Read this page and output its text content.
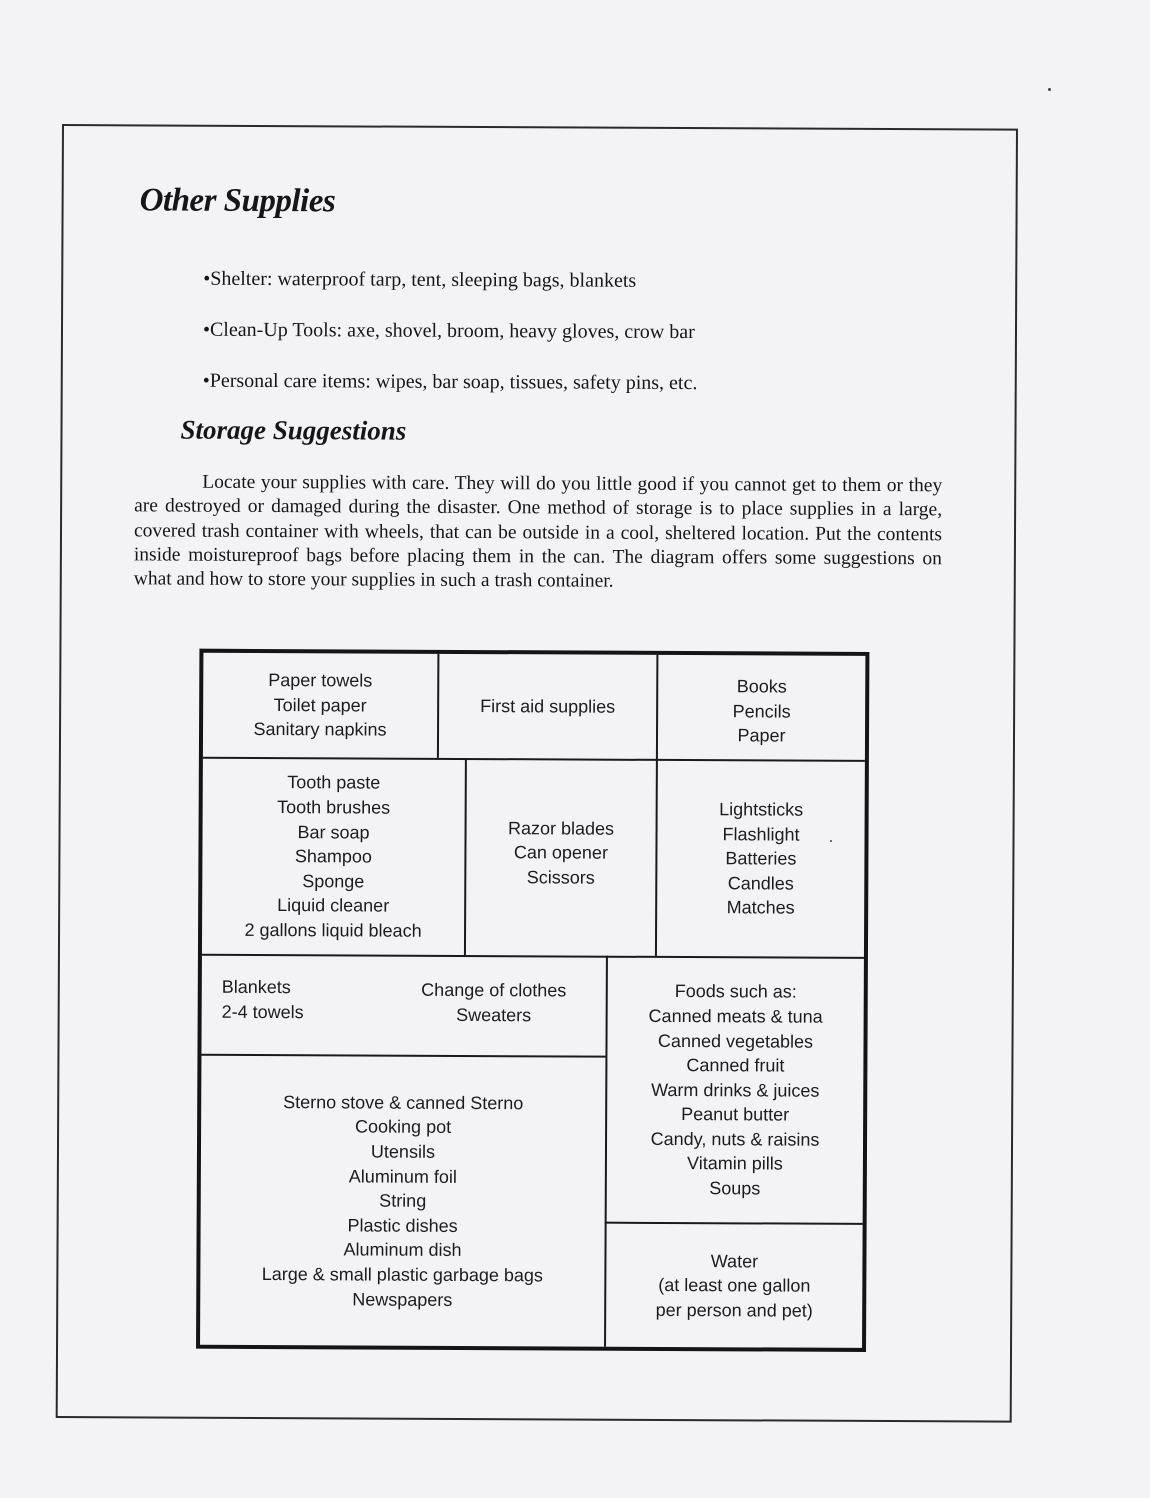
Other Supplies
•Shelter: waterproof tarp, tent, sleeping bags, blankets
•Clean-Up Tools: axe, shovel, broom, heavy gloves, crow bar
•Personal care items: wipes, bar soap, tissues, safety pins, etc.
Storage Suggestions

Locate your supplies with care. They will do you little good if you cannot get to them or they are destroyed or damaged during the disaster. One method of storage is to place supplies in a large, covered trash container with wheels, that can be outside in a cool, sheltered location. Put the contents inside moistureproof bags before placing them in the can. The diagram offers some suggestions on what and how to store your supplies in such a trash container.

Paper towels
Toilet paper
Sanitary napkins
First aid supplies
Books
Pencils
Paper
Tooth paste
Tooth brushes
Bar soap
Shampoo
Sponge
Liquid cleaner
2 gallons liquid bleach
Razor blades
Can opener
Scissors
Lightsticks
Flashlight
Batteries
Candles
Matches
Blankets
2-4 towels
Change of clothes
Sweaters
Foods such as:
Canned meats & tuna
Canned vegetables
Canned fruit
Warm drinks & juices
Peanut butter
Candy, nuts & raisins
Vitamin pills
Soups
Sterno stove & canned Sterno
Cooking pot
Utensils
Aluminum foil
String
Plastic dishes
Aluminum dish
Large & small plastic garbage bags
Newspapers
Water
(at least one gallon
per person and pet)
